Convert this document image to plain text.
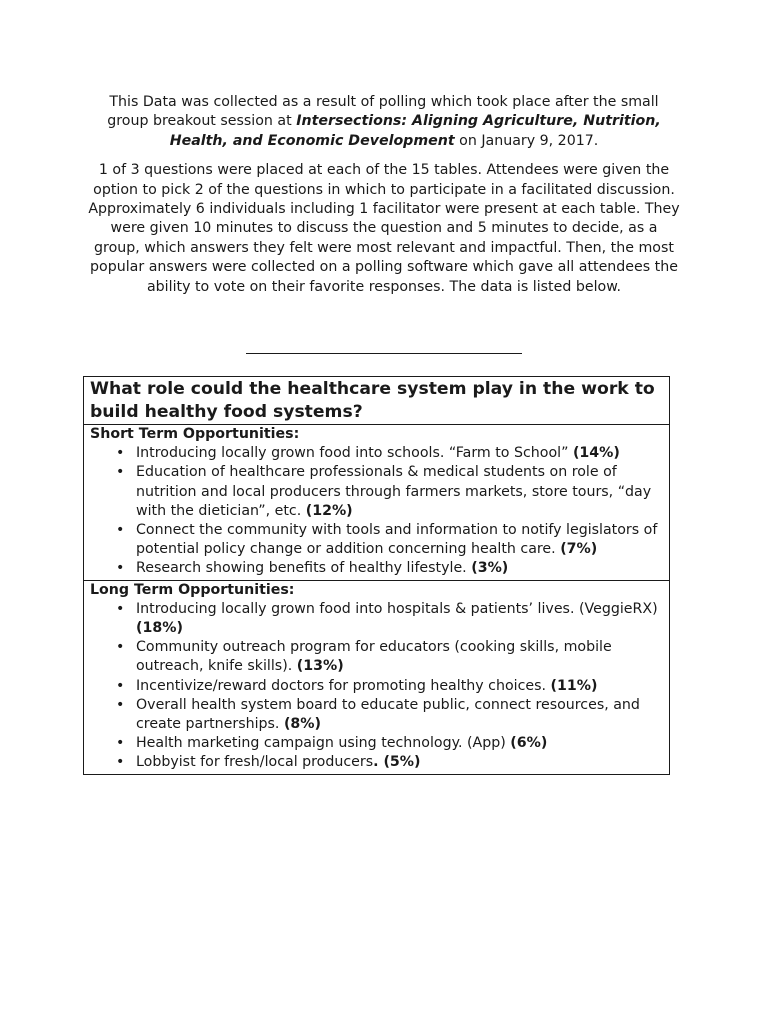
This Data was collected as a result of polling which took place after the small group breakout session at Intersections: Aligning Agriculture, Nutrition, Health, and Economic Development on January 9, 2017.

1 of 3 questions were placed at each of the 15 tables. Attendees were given the option to pick 2 of the questions in which to participate in a facilitated discussion. Approximately 6 individuals including 1 facilitator were present at each table. They were given 10 minutes to discuss the question and 5 minutes to decide, as a group, which answers they felt were most relevant and impactful. Then, the most popular answers were collected on a polling software which gave all attendees the ability to vote on their favorite responses. The data is listed below.

What role could the healthcare system play in the work to build healthy food systems?

Short Term Opportunities:

• Introducing locally grown food into schools. “Farm to School” (14%)
• Education of healthcare professionals & medical students on role of nutrition and local producers through farmers markets, store tours, “day with the dietician”, etc. (12%)
• Connect the community with tools and information to notify legislators of potential policy change or addition concerning health care. (7%)
• Research showing benefits of healthy lifestyle. (3%)

Long Term Opportunities:

• Introducing locally grown food into hospitals & patients’ lives. (VeggieRX) (18%)
• Community outreach program for educators (cooking skills, mobile outreach, knife skills). (13%)
• Incentivize/reward doctors for promoting healthy choices. (11%)
• Overall health system board to educate public, connect resources, and create partnerships. (8%)
• Health marketing campaign using technology. (App) (6%)
• Lobbyist for fresh/local producers. (5%)
